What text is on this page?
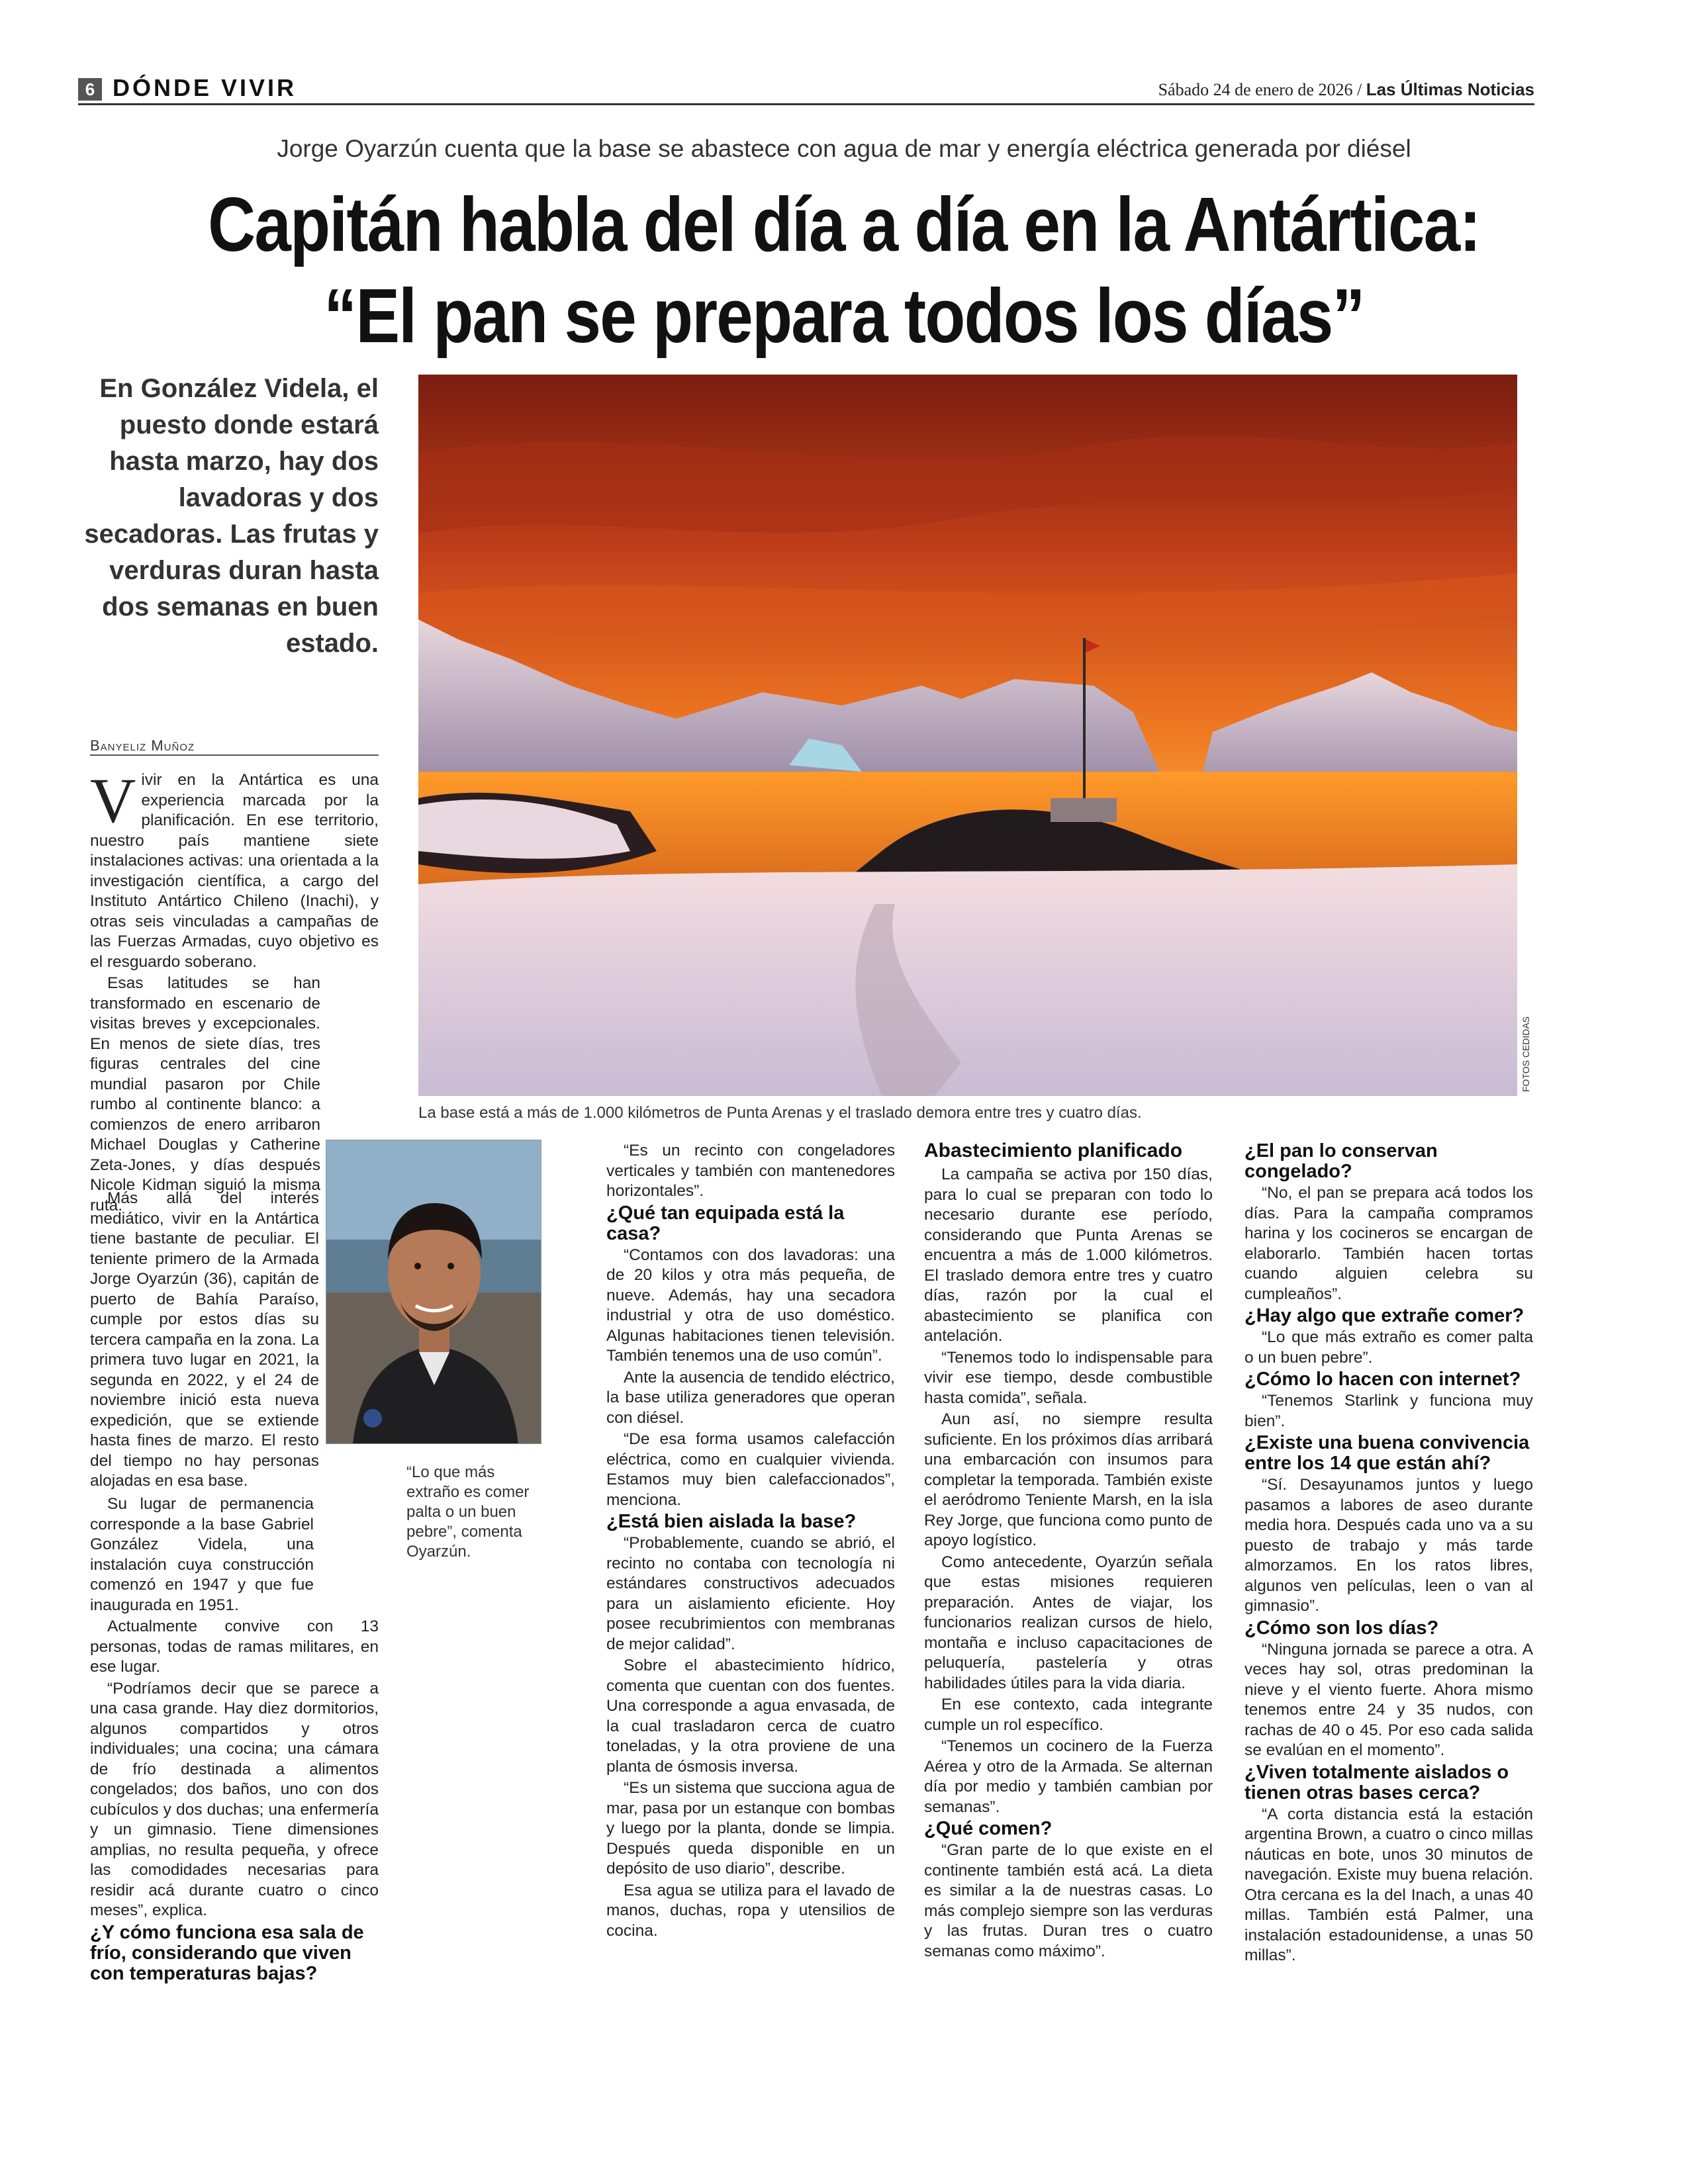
6 DÓNDE VIVIR	Sábado 24 de enero de 2026 / Las Últimas Noticias
Jorge Oyarzún cuenta que la base se abastece con agua de mar y energía eléctrica generada por diésel
Capitán habla del día a día en la Antártica:
“El pan se prepara todos los días”
En González Videla, el puesto donde estará hasta marzo, hay dos lavadoras y dos secadoras. Las frutas y verduras duran hasta dos semanas en buen estado.
FOTOS CEDIDAS
La base está a más de 1.000 kilómetros de Punta Arenas y el traslado demora entre tres y cuatro días.
Banyeliz Muñoz
V ivir en la Antártica es una experiencia marcada por la planificación. En ese territorio, nuestro país mantiene siete instalaciones activas: una orientada a la investigación científica, a cargo del Instituto Antártico Chileno (Inachi), y otras seis vinculadas a campañas de las Fuerzas Armadas, cuyo objetivo es el resguardo soberano.

Esas latitudes se han transformado en escenario de visitas breves y excepcionales. En menos de siete días, tres figuras centrales del cine mundial pasaron por Chile rumbo al continente blanco: a comienzos de enero arribaron Michael Douglas y Catherine Zeta-Jones, y días después Nicole Kidman siguió la misma ruta.

Más allá del interés mediático, vivir en la Antártica tiene bastante de peculiar. El teniente primero de la Armada Jorge Oyarzún (36), capitán de puerto de Bahía Paraíso, cumple por estos días su tercera campaña en la zona. La primera tuvo lugar en 2021, la segunda en 2022, y el 24 de noviembre inició esta nueva expedición, que se extiende hasta fines de marzo. El resto del tiempo no hay personas alojadas en esa base.

Su lugar de permanencia corresponde a la base Gabriel González Videla, una instalación cuya construcción comenzó en 1947 y que fue inaugurada en 1951.

Actualmente convive con 13 personas, todas de ramas militares, en ese lugar.

“Podríamos decir que se parece a una casa grande. Hay diez dormitorios, algunos compartidos y otros individuales; una cocina; una cámara de frío destinada a alimentos congelados; dos baños, uno con dos cubículos y dos duchas; una enfermería y un gimnasio. Tiene dimensiones amplias, no resulta pequeña, y ofrece las comodidades necesarias para residir acá durante cuatro o cinco meses”, explica.

¿Y cómo funciona esa sala de frío, considerando que viven con temperaturas bajas?
“Lo que más extraño es comer palta o un buen pebre”, comenta Oyarzún.

“Es un recinto con congeladores verticales y también con mantenedores horizontales”.

¿Qué tan equipada está la casa?

“Contamos con dos lavadoras: una de 20 kilos y otra más pequeña, de nueve. Además, hay una secadora industrial y otra de uso doméstico. Algunas habitaciones tienen televisión. También tenemos una de uso común”.

Ante la ausencia de tendido eléctrico, la base utiliza generadores que operan con diésel.

“De esa forma usamos calefacción eléctrica, como en cualquier vivienda. Estamos muy bien calefaccionados”, menciona.

¿Está bien aislada la base?

“Probablemente, cuando se abrió, el recinto no contaba con tecnología ni estándares constructivos adecuados para un aislamiento eficiente. Hoy posee recubrimientos con membranas de mejor calidad”.

Sobre el abastecimiento hídrico, comenta que cuentan con dos fuentes. Una corresponde a agua envasada, de la cual trasladaron cerca de cuatro toneladas, y la otra proviene de una planta de ósmosis inversa.

“Es un sistema que succiona agua de mar, pasa por un estanque con bombas y luego por la planta, donde se limpia. Después queda disponible en un depósito de uso diario”, describe.

Esa agua se utiliza para el lavado de manos, duchas, ropa y utensilios de cocina.

Abastecimiento planificado

La campaña se activa por 150 días, para lo cual se preparan con todo lo necesario durante ese período, considerando que Punta Arenas se encuentra a más de 1.000 kilómetros. El traslado demora entre tres y cuatro días, razón por la cual el abastecimiento se planifica con antelación.

“Tenemos todo lo indispensable para vivir ese tiempo, desde combustible hasta comida”, señala.

Aun así, no siempre resulta suficiente. En los próximos días arribará una embarcación con insumos para completar la temporada. También existe el aeródromo Teniente Marsh, en la isla Rey Jorge, que funciona como punto de apoyo logístico.

Como antecedente, Oyarzún señala que estas misiones requieren preparación. Antes de viajar, los funcionarios realizan cursos de hielo, montaña e incluso capacitaciones de peluquería, pastelería y otras habilidades útiles para la vida diaria.

En ese contexto, cada integrante cumple un rol específico.

“Tenemos un cocinero de la Fuerza Aérea y otro de la Armada. Se alternan día por medio y también cambian por semanas”.

¿Qué comen?

“Gran parte de lo que existe en el continente también está acá. La dieta es similar a la de nuestras casas. Lo más complejo siempre son las verduras y las frutas. Duran tres o cuatro semanas como máximo”.

¿El pan lo conservan congelado?

“No, el pan se prepara acá todos los días. Para la campaña compramos harina y los cocineros se encargan de elaborarlo. También hacen tortas cuando alguien celebra su cumpleaños”.

¿Hay algo que extrañe comer?

“Lo que más extraño es comer palta o un buen pebre”.

¿Cómo lo hacen con internet?

“Tenemos Starlink y funciona muy bien”.

¿Existe una buena convivencia entre los 14 que están ahí?

“Sí. Desayunamos juntos y luego pasamos a labores de aseo durante media hora. Después cada uno va a su puesto de trabajo y más tarde almorzamos. En los ratos libres, algunos ven películas, leen o van al gimnasio”.

¿Cómo son los días?

“Ninguna jornada se parece a otra. A veces hay sol, otras predominan la nieve y el viento fuerte. Ahora mismo tenemos entre 24 y 35 nudos, con rachas de 40 o 45. Por eso cada salida se evalúan en el momento”.

¿Viven totalmente aislados o tienen otras bases cerca?

“A corta distancia está la estación argentina Brown, a cuatro o cinco millas náuticas en bote, unos 30 minutos de navegación. Existe muy buena relación. Otra cercana es la del Inach, a unas 40 millas. También está Palmer, una instalación estadounidense, a unas 50 millas”.
